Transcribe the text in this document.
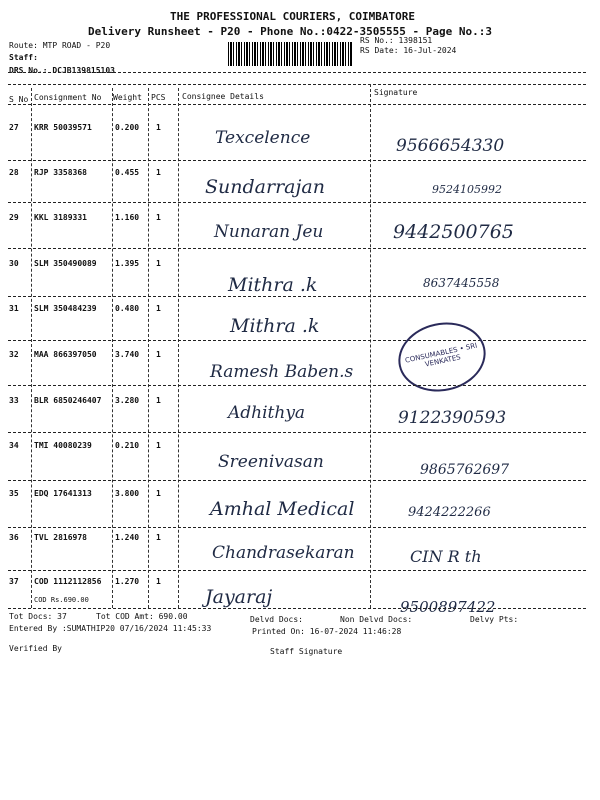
THE PROFESSIONAL COURIERS, COIMBATORE
Delivery Runsheet - P20 - Phone No.:0422-3505555 - Page No.:3
Route: MTP ROAD - P20
Staff:
DRS No.: DCJB139815103
RS No.: 1398151
RS Date: 16-Jul-2024
S No Consignment No Weight PCS Consignee Details	Signature
27 KRR 50039571	0.200 1
Texcelence	9566654330
28 RJP 3358368	0.455 1
Sundarrajan	9524105992
29 KKL 3189331	1.160 1
Nunaran Jeu	9442500765
30 SLM 350490089 1.395 1
Mithra .k	8637445558
31 SLM 350484239 0.480 1
Mithra .k
32 MAA 866397050 3.740 1
Ramesh Baben.s
CONSUMABLES • SRI VENKATES
33 BLR 6850246407 3.280 1
Adhithya	9122390593
34 TMI 40080239	0.210 1
Sreenivasan	9865762697
35 EDQ 17641313	3.800 1
Amhal Medical	9424222266
36 TVL 2816978	1.240 1
Chandrasekaran	CIN R th
37 COD 1112112856 1.270 1
COD Rs.690.00	Jayaraj	9500897422
Tot Docs: 37	Tot COD Amt: 690.00	Delvd Docs:	Non Delvd Docs:	Delvy Pts:
Entered By :SUMATHIP20 07/16/2024 11:45:33	Printed On: 16-07-2024 11:46:28
Verified By	Staff Signature
